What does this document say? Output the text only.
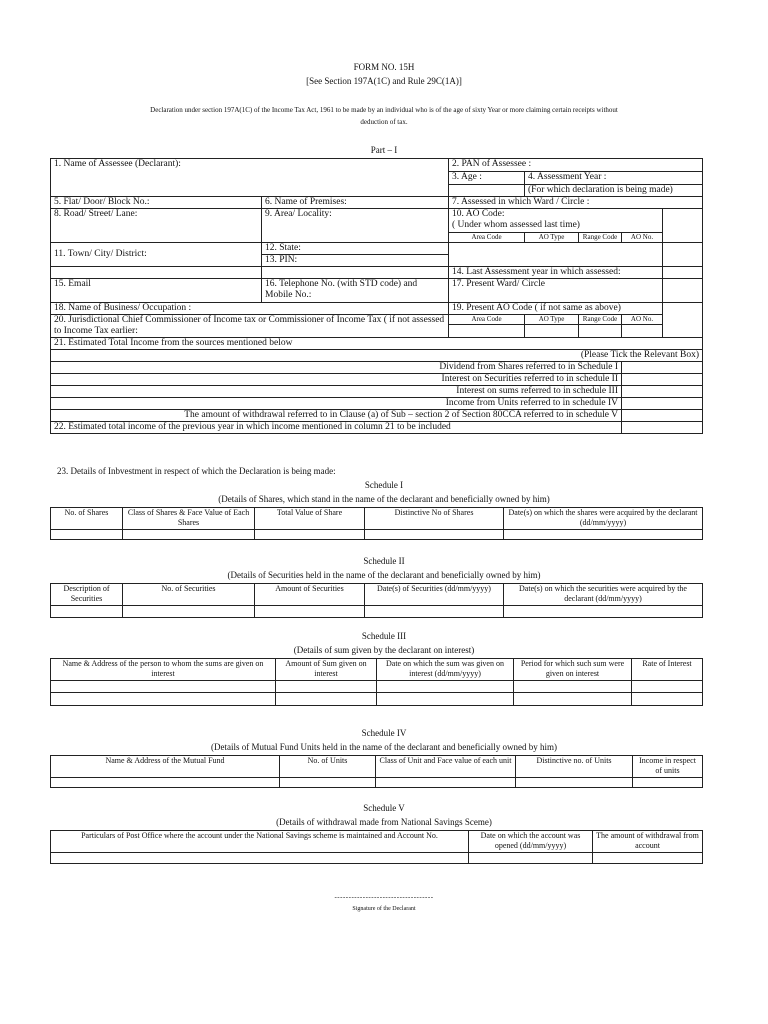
FORM NO. 15H
[See Section 197A(1C) and Rule 29C(1A)]
Declaration under section 197A(1C) of the Income Tax Act, 1961 to be made by an individual who is of the age of sixty Year or more claiming certain receipts without
deduction of tax.
Part – I
1. Name of Assessee (Declarant):		2. PAN of Assessee :				
		3. Age :	4. Assessment Year :			
			(For which declaration is being made)			
5. Flat/ Door/ Block No.:	6. Name of Premises:	7. Assessed in which Ward / Circle :				
8. Road/ Street/ Lane:	9. Area/ Locality:	10. AO Code:
( Under whom assessed last time)				

		Area Code	AO Type	Range Code	AO No.	
11. Town/ City/ District:	12. State:					
	13. PIN:					
		14. Last Assessment year in which assessed:				
15. Email	16. Telephone No. (with STD code) and Mobile No.:	17. Present Ward/ Circle				
18. Name of Business/ Occupation :		19. Present AO Code ( if not same as above)				
20. Jurisdictional Chief Commissioner of Income tax or Commissioner of Income Tax ( if not assessed to Income Tax earlier:		Area Code	AO Type	Range Code	AO No.	

21. Estimated Total Income from the sources mentioned below						
(Please Tick the Relevant Box)						
Dividend from Shares referred to in Schedule I						
Interest on Securities referred to in schedule II						
Interest on sums referred to in schedule III						
Income from Units referred to in schedule IV						
The amount of withdrawal referred to in Clause (a) of Sub – section 2 of Section 80CCA referred to in schedule V						
22. Estimated total income of the previous year in which income mentioned in column 21 to be included						
23. Details of Inbvestment in respect of which the Declaration is being made:
Schedule I
(Details of Shares, which stand in the name of the declarant and beneficially owned by him)
No. of Shares	Class of Shares & Face Value of Each Shares	Total Value of Share	Distinctive No of Shares	Date(s) on which the shares were acquired by the declarant (dd/mm/yyyy)

Schedule II
(Details of Securities held in the name of the declarant and beneficially owned by him)
Description of Securities	No. of Securities	Amount of Securities	Date(s) of Securities (dd/mm/yyyy)	Date(s) on which the securities were acquired by the declarant (dd/mm/yyyy)

Schedule III
(Details of sum given by the declarant on interest)
Name & Address of the person to whom the sums are given on interest	Amount of Sum given on interest	Date on which the sum was given on interest (dd/mm/yyyy)	Period for which such sum were given on interest	Rate of Interest

Schedule IV
(Details of Mutual Fund Units held in the name of the declarant and beneficially owned by him)
Name & Address of the Mutual Fund	No. of Units	Class of Unit and Face value of each unit	Distinctive no. of Units	Income in respect of units

Schedule V
(Details of withdrawal made from National Savings Sceme)
Particulars of Post Office where the account under the National Savings scheme is maintained and Account No.	Date on which the account was opened (dd/mm/yyyy)	The amount of withdrawal from account

-----------------------------------
Signature of the Declarant
